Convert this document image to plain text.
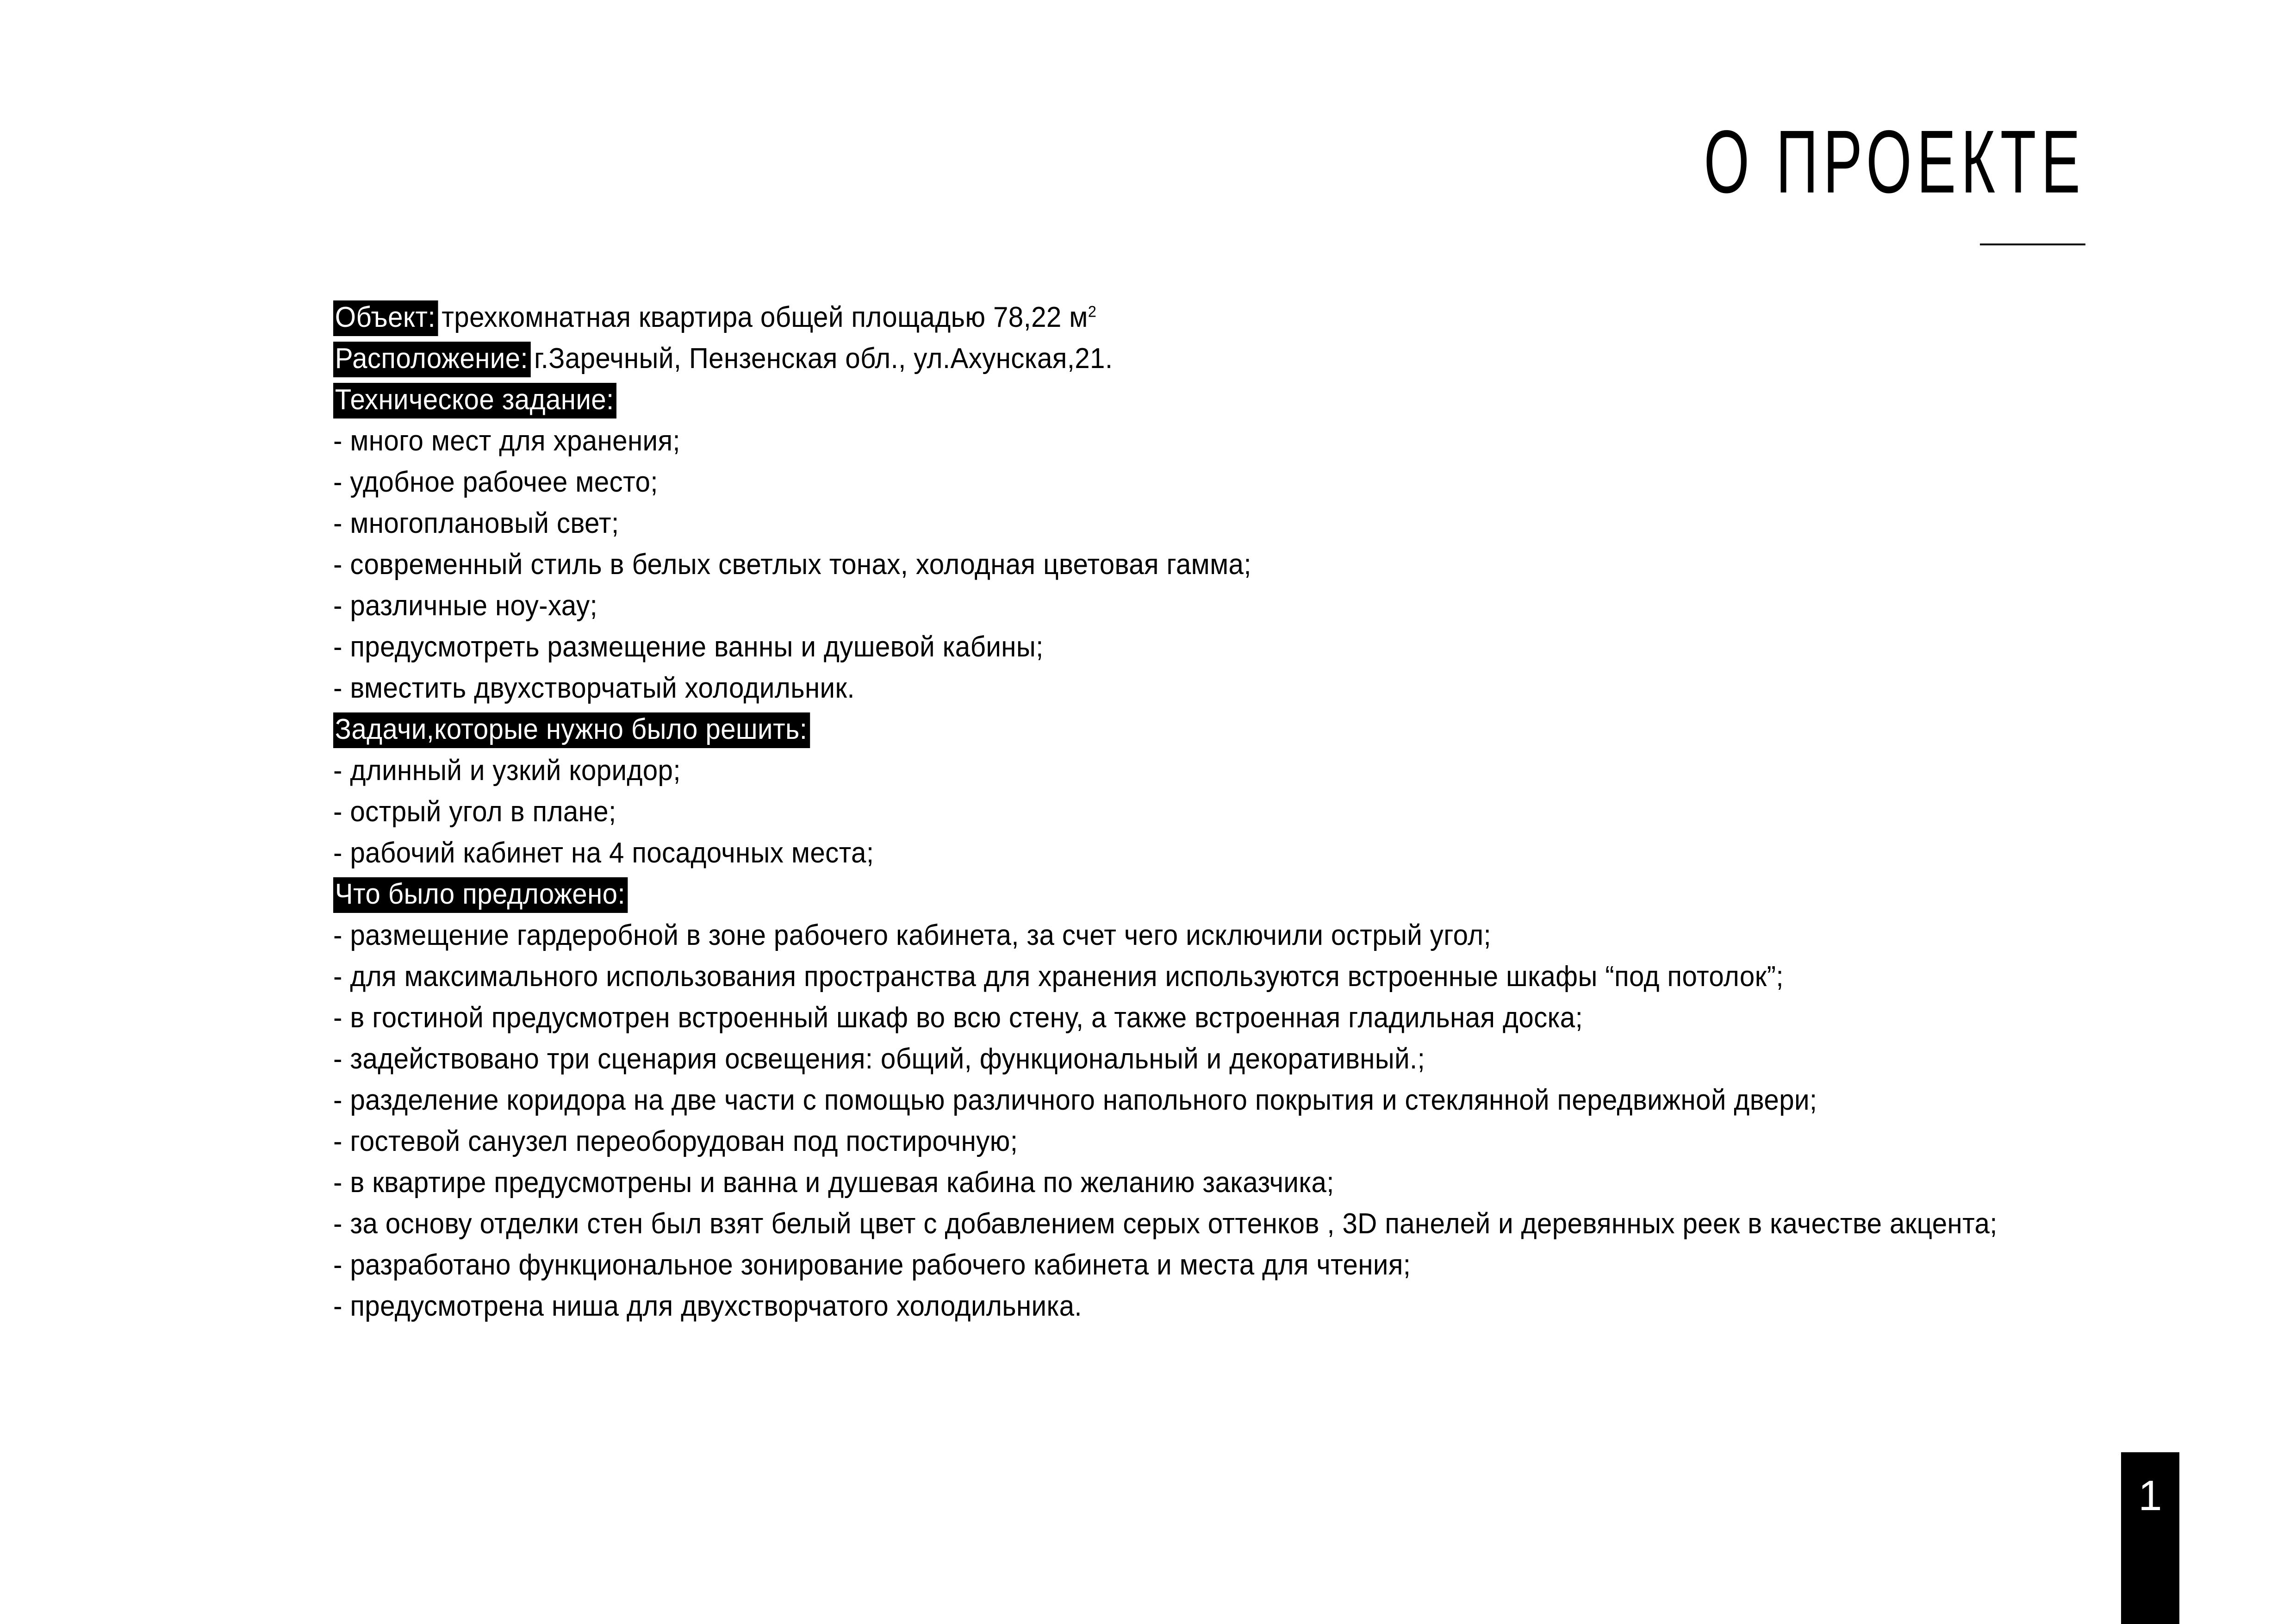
О ПРОЕКТЕ
Объект: трехкомнатная квартира общей площадью 78,22 $м^2$
Расположение: г.Заречный, Пензенская обл., ул.Ахунская,21.
Техническое задание:
- много мест для хранения;
- удобное рабочее место;
- многоплановый свет;
- современный стиль в белых светлых тонах, холодная цветовая гамма;
- различные ноу-хау;
- предусмотреть размещение ванны и душевой кабины;
- вместить двухстворчатый холодильник.
Задачи,которые нужно было решить:
- длинный и узкий коридор;
- острый угол в плане;
- рабочий кабинет на 4 посадочных места;
Что было предложено:
- размещение гардеробной в зоне рабочего кабинета, за счет чего исключили острый угол;
- для максимального использования пространства для хранения используются встроенные шкафы “под потолок”;
- в гостиной предусмотрен встроенный шкаф во всю стену, а также встроенная гладильная доска;
- задействовано три сценария освещения: общий, функциональный и декоративный.;
- разделение коридора на две части с помощью различного напольного покрытия и стеклянной передвижной двери;
- гостевой санузел переоборудован под постирочную;
- в квартире предусмотрены и ванна и душевая кабина по желанию заказчика;
- за основу отделки стен был взят белый цвет с добавлением серых оттенков , 3D панелей и деревянных реек в качестве акцента;
- разработано функциональное зонирование рабочего кабинета и места для чтения;
- предусмотрена ниша для двухстворчатого холодильника.
1
